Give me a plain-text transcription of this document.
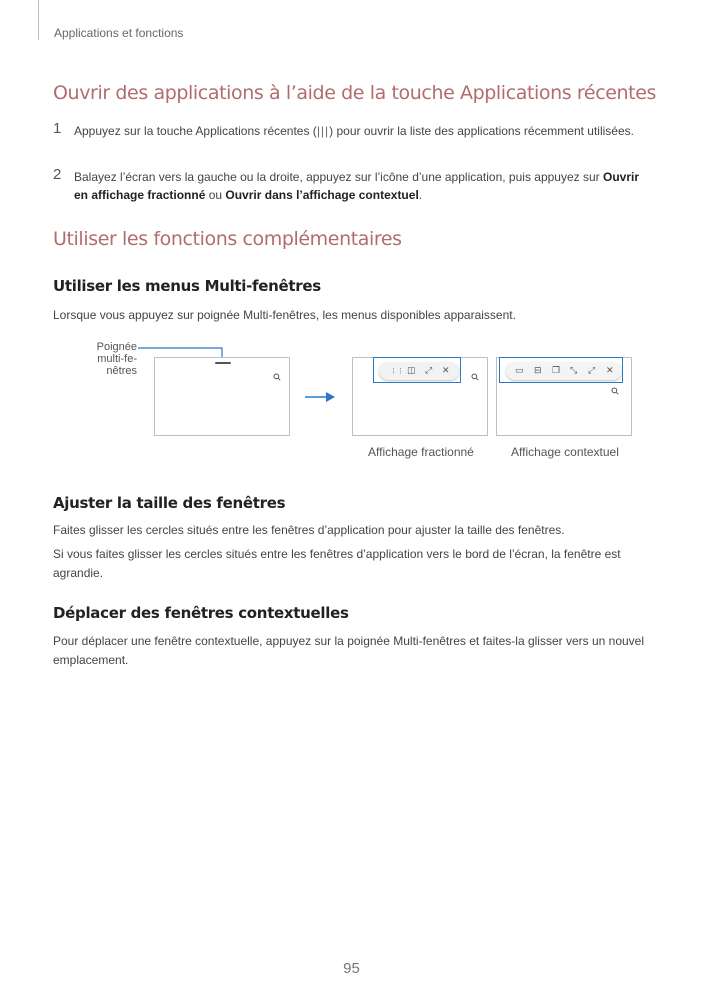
Applications et fonctions
Ouvrir des applications à l’aide de la touche Applications récentes
1 Appuyez sur la touche Applications récentes (|||) pour ouvrir la liste des applications récemment utilisées.
2 Balayez l’écran vers la gauche ou la droite, appuyez sur l’icône d’une application, puis appuyez sur Ouvrir en affichage fractionné ou Ouvrir dans l’affichage contextuel.
Utiliser les fonctions complémentaires
Utiliser les menus Multi-fenêtres
Lorsque vous appuyez sur poignée Multi-fenêtres, les menus disponibles apparaissent.
Poignée
multi-fe-
nêtres	⋮⋮ ◫ ⤢ ✕	▭ ⊟ ❐ ⤡ ⤢ ✕
Affichage fractionné	Affichage contextuel
Ajuster la taille des fenêtres
Faites glisser les cercles situés entre les fenêtres d’application pour ajuster la taille des fenêtres.
Si vous faites glisser les cercles situés entre les fenêtres d’application vers le bord de l’écran, la fenêtre est agrandie.
Déplacer des fenêtres contextuelles
Pour déplacer une fenêtre contextuelle, appuyez sur la poignée Multi-fenêtres et faites-la glisser vers un nouvel emplacement.
95
